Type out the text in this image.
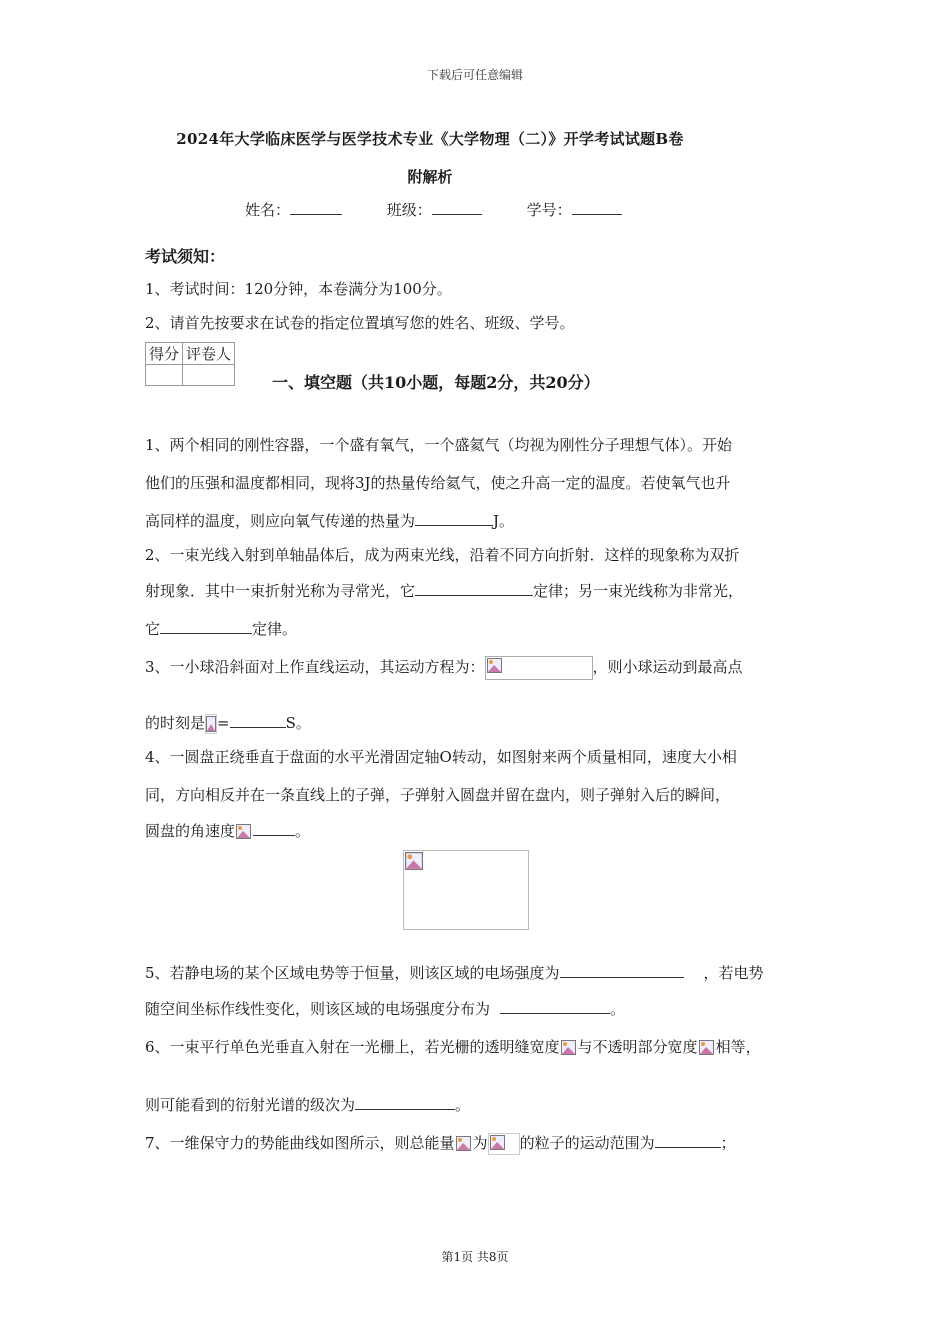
下载后可任意编辑
2024年大学临床医学与医学技术专业《大学物理（二）》开学考试试题B卷
附解析
姓名：	班级：	学号：
考试须知：
1、考试时间：120分钟，本卷满分为100分。
2、请首先按要求在试卷的指定位置填写您的姓名、班级、学号。
得分	评卷人

一、填空题（共10小题，每题2分，共20分）
1、两个相同的刚性容器，一个盛有氧气，一个盛氦气（均视为刚性分子理想气体）。开始
他们的压强和温度都相同，现将3J的热量传给氦气，使之升高一定的温度。若使氧气也升
高同样的温度，则应向氧气传递的热量为	J。
2、一束光线入射到单轴晶体后，成为两束光线，沿着不同方向折射．这样的现象称为双折
射现象．其中一束折射光称为寻常光，它	定律；另一束光线称为非常光，
它	定律。
3、一小球沿斜面对上作直线运动，其运动方程为：	，则小球运动到最高点
的时刻是 =	S。
4、一圆盘正绕垂直于盘面的水平光滑固定轴O转动，如图射来两个质量相同，速度大小相
同，方向相反并在一条直线上的子弹，子弹射入圆盘并留在盘内，则子弹射入后的瞬间，
圆盘的角速度	。
5、若静电场的某个区域电势等于恒量，则该区域的电场强度为	，若电势
随空间坐标作线性变化，则该区域的电场强度分布为	。
6、一束平行单色光垂直入射在一光栅上，若光栅的透明缝宽度 与不透明部分宽度 相等，
则可能看到的衍射光谱的级次为	。
7、一维保守力的势能曲线如图所示，则总能量 为 的粒子的运动范围为	；
第1页 共8页
